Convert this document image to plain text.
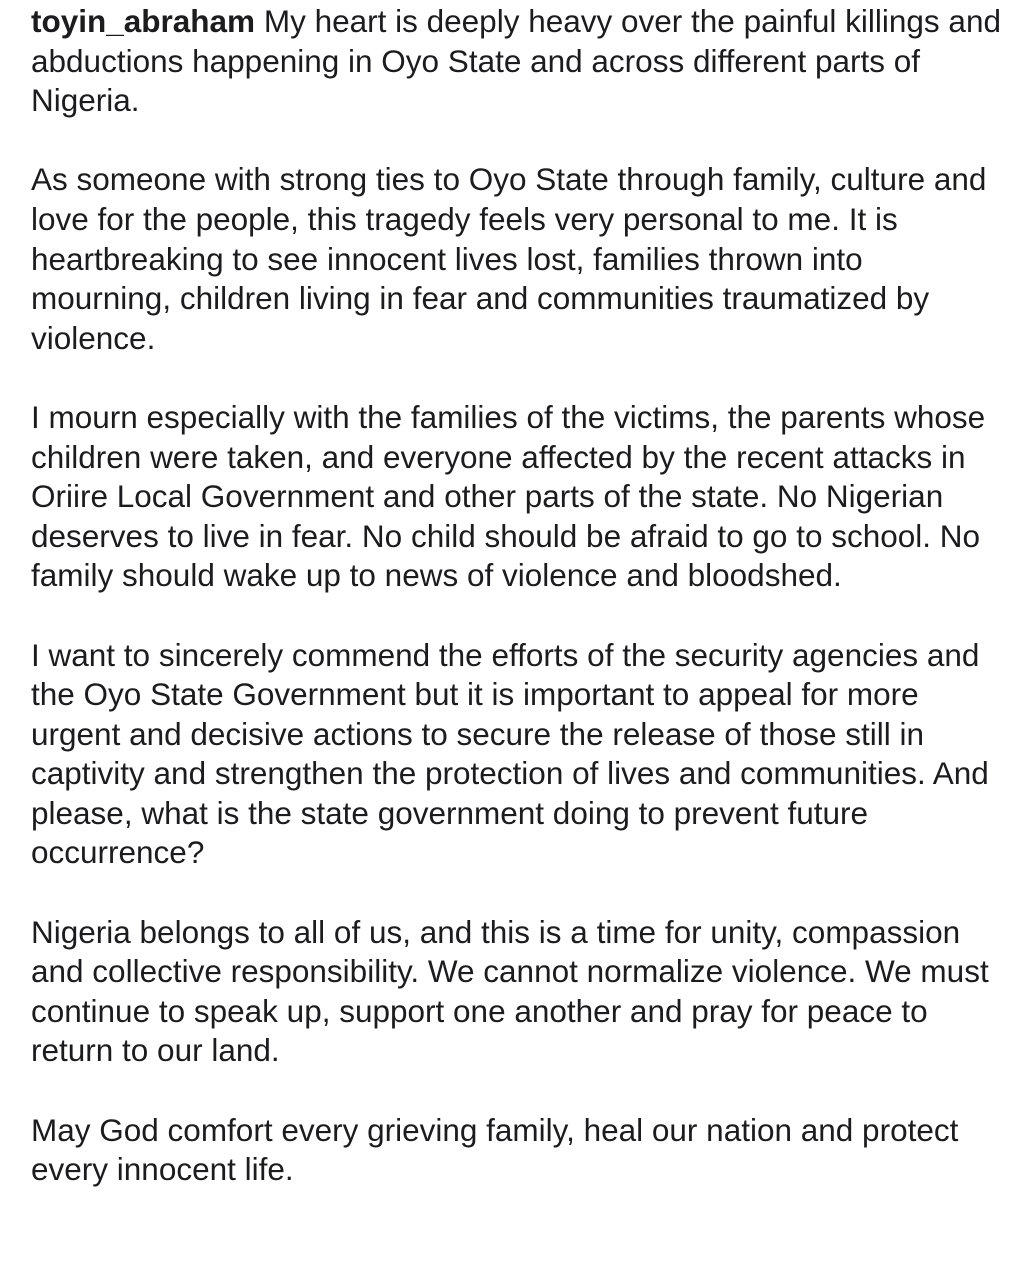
toyin_abraham My heart is deeply heavy over the painful killings and abductions happening in Oyo State and across different parts of Nigeria.

As someone with strong ties to Oyo State through family, culture and love for the people, this tragedy feels very personal to me. It is heartbreaking to see innocent lives lost, families thrown into mourning, children living in fear and communities traumatized by violence.

I mourn especially with the families of the victims, the parents whose children were taken, and everyone affected by the recent attacks in Oriire Local Government and other parts of the state. No Nigerian deserves to live in fear. No child should be afraid to go to school. No family should wake up to news of violence and bloodshed.

I want to sincerely commend the efforts of the security agencies and the Oyo State Government but it is important to appeal for more urgent and decisive actions to secure the release of those still in captivity and strengthen the protection of lives and communities. And please, what is the state government doing to prevent future occurrence?

Nigeria belongs to all of us, and this is a time for unity, compassion and collective responsibility. We cannot normalize violence. We must continue to speak up, support one another and pray for peace to return to our land.

May God comfort every grieving family, heal our nation and protect every innocent life.
